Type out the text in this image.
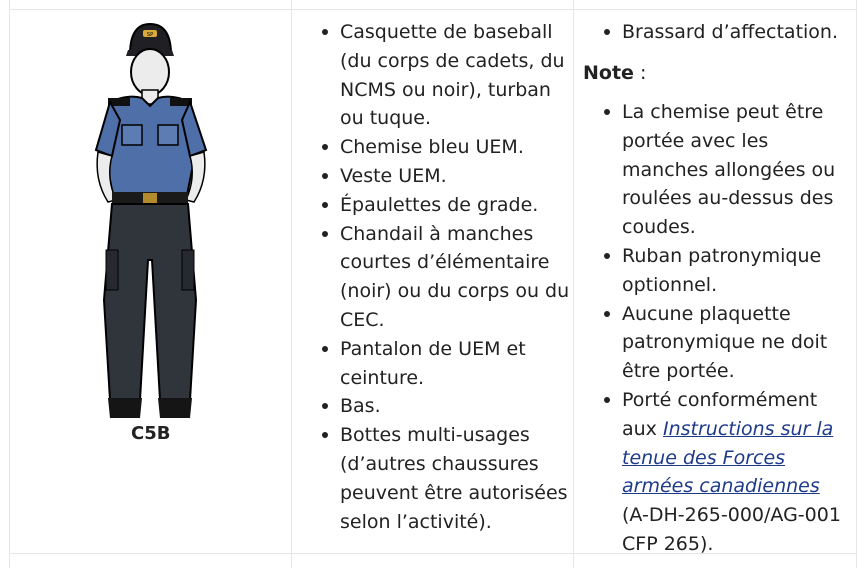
SP
C5B
Casquette de baseball (du corps de cadets, du NCMS ou noir), turban ou tuque.
Chemise bleu UEM.
Veste UEM.
Épaulettes de grade.
Chandail à manches courtes d’élémentaire (noir) ou du corps ou du CEC.
Pantalon de UEM et ceinture.
Bas.
Bottes multi-usages (d’autres chaussures peuvent être autorisées selon l’activité).
Brassard d’affectation.
Note :
La chemise peut être portée avec les manches allongées ou roulées au-dessus des coudes.
Ruban patronymique optionnel.
Aucune plaquette patronymique ne doit être portée.
Porté conformément aux Instructions sur la tenue des Forces armées canadiennes (A-DH-265-000/AG-001 CFP 265).
